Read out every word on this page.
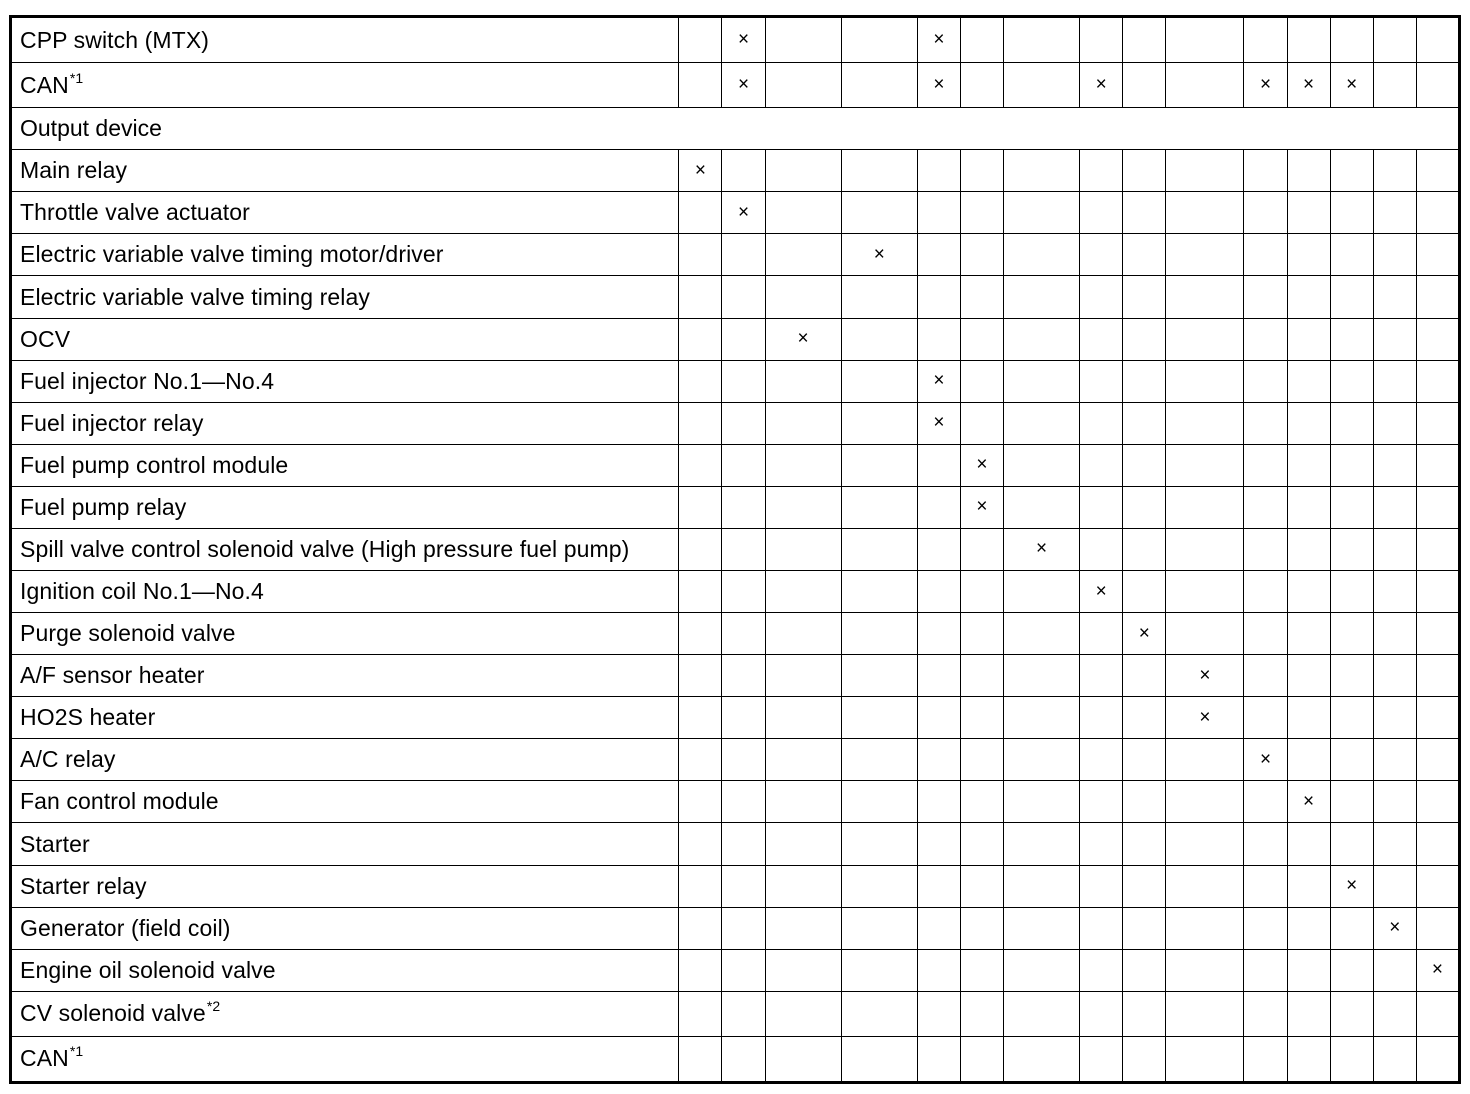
CPP switch (MTX)		×			×										
CAN$^{*1}$		×			×			×			×	×	×		
Output device															
Main relay	×														
Throttle valve actuator		×													
Electric variable valve timing motor/driver				×											
Electric variable valve timing relay															
OCV			×												
Fuel injector No.1—No.4					×										
Fuel injector relay					×										
Fuel pump control module						×									
Fuel pump relay						×									
Spill valve control solenoid valve (High pressure fuel pump)							×								
Ignition coil No.1—No.4								×							
Purge solenoid valve									×						
A/F sensor heater										×					
HO2S heater										×					
A/C relay											×				
Fan control module												×			
Starter															
Starter relay													×		
Generator (field coil)														×	
Engine oil solenoid valve															×
CV solenoid valve$^{*2}$															
CAN$^{*1}$															
